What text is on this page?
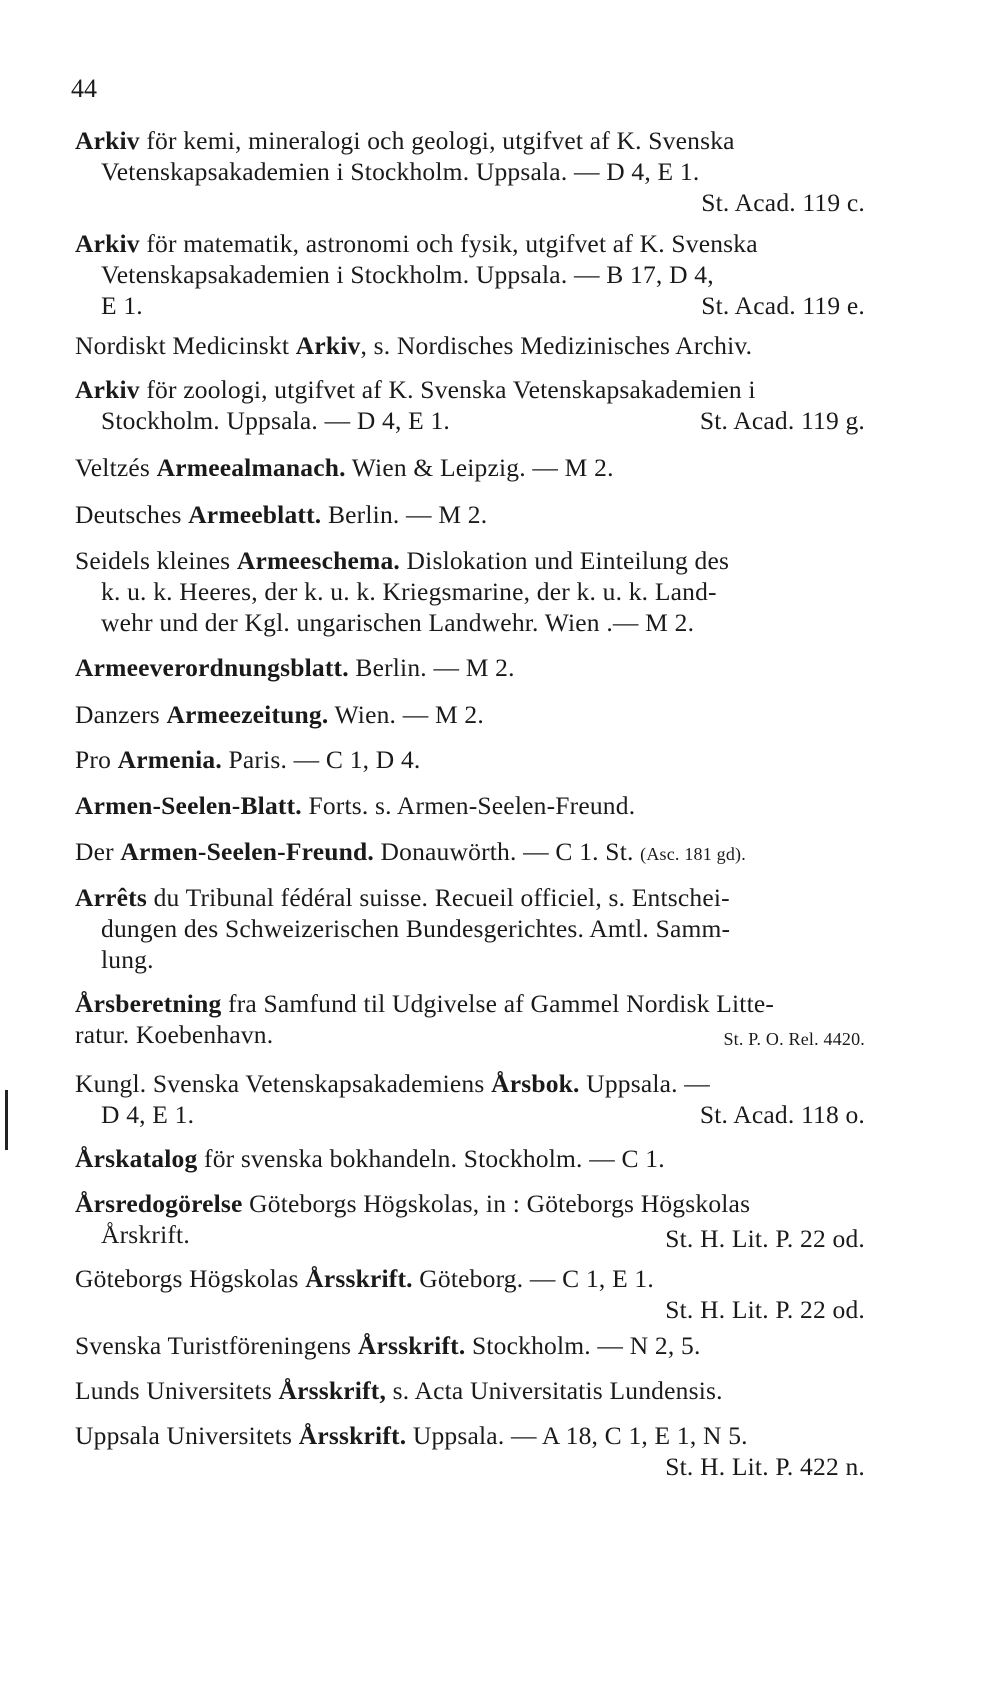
44
Arkiv för kemi, mineralogi och geologi, utgifvet af K. Svenska
Vetenskapsakademien i Stockholm. Uppsala. — D 4, E 1.
St. Acad. 119 c.

Arkiv för matematik, astronomi och fysik, utgifvet af K. Svenska
Vetenskapsakademien i Stockholm. Uppsala. — B 17, D 4,
E 1.	St. Acad. 119 e.
Nordiskt Medicinskt Arkiv, s. Nordisches Medizinisches Archiv.
Arkiv för zoologi, utgifvet af K. Svenska Vetenskapsakademien i
Stockholm. Uppsala. — D 4, E 1.	St. Acad. 119 g.
Veltzés Armeealmanach. Wien & Leipzig. — M 2.
Deutsches Armeeblatt. Berlin. — M 2.
Seidels kleines Armeeschema. Dislokation und Einteilung des
k. u. k. Heeres, der k. u. k. Kriegsmarine, der k. u. k. Land-
wehr und der Kgl. ungarischen Landwehr. Wien .— M 2.
Armeeverordnungsblatt. Berlin. — M 2.
Danzers Armeezeitung. Wien. — M 2.
Pro Armenia. Paris. — C 1, D 4.
Armen-Seelen-Blatt. Forts. s. Armen-Seelen-Freund.
Der Armen-Seelen-Freund. Donauwörth. — C 1. St. (Asc. 181 gd).
Arrêts du Tribunal fédéral suisse. Recueil officiel, s. Entschei-
dungen des Schweizerischen Bundesgerichtes. Amtl. Samm-
lung.
Årsberetning fra Samfund til Udgivelse af Gammel Nordisk Litte-
ratur. Koebenhavn.	St. P. O. Rel. 4420.
Kungl. Svenska Vetenskapsakademiens Årsbok. Uppsala. —
D 4, E 1.	St. Acad. 118 o.
Årskatalog för svenska bokhandeln. Stockholm. — C 1.
Årsredogörelse Göteborgs Högskolas, in : Göteborgs Högskolas
Årskrift.	St. H. Lit. P. 22 od.
Göteborgs Högskolas Årsskrift. Göteborg. — C 1, E 1.
St. H. Lit. P. 22 od.

Svenska Turistföreningens Årsskrift. Stockholm. — N 2, 5.
Lunds Universitets Årsskrift, s. Acta Universitatis Lundensis.
Uppsala Universitets Årsskrift. Uppsala. — A 18, C 1, E 1, N 5.
St. H. Lit. P. 422 n.
